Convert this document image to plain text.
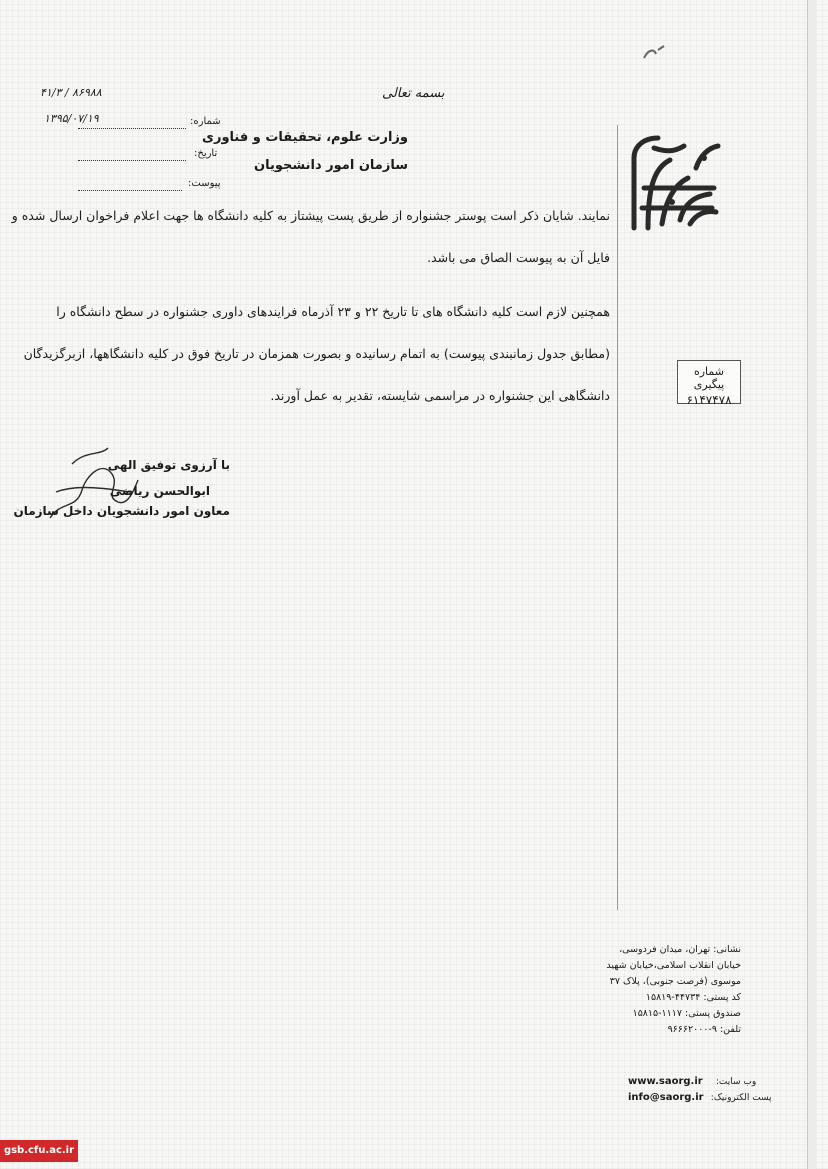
۴۱/۳ / ۸۶۹۸۸
شماره:
۱۳۹۵/۰۷/۱۹
تاریخ:
پیوست:
بسمه تعالی
وزارت علوم، تحقیقات و فناوری
سازمان امور دانشجویان
شماره پیگیری
۶۱۴۷۴۷۸
نمایند. شایان ذکر است پوستر جشنواره از طریق پست پیشتاز به کلیه دانشگاه ها جهت اعلام فراخوان ارسال شده و
فایل آن به پیوست الصاق می باشد.
همچنین لازم است کلیه دانشگاه های تا تاریخ ۲۲ و ۲۳ آذرماه فرایندهای داوری جشنواره در سطح دانشگاه را
(مطابق جدول زمانبندی پیوست) به اتمام رسانیده و بصورت همزمان در تاریخ فوق در کلیه دانشگاهها، ازبرگزیدگان
دانشگاهی این جشنواره در مراسمی شایسته، تقدیر به عمل آورند.
با آرزوی توفیق الهی
ابوالحسن ریاضی
معاون امور دانشجویان داخل سازمان
نشانی: تهران، میدان فردوسی،
خیابان انقلاب اسلامی،خیابان شهید
موسوی (فرصت جنوبی)، پلاک ۳۷
کد پستی: ۴۴۷۳۴-۱۵۸۱۹
صندوق پستی: ۱۱۱۷-۱۵۸۱۵
تلفن: ۹-۹۶۶۶۲۰۰۰
www.saorg.ir وب سایت:
info@saorg.ir پست الکترونیک:
gsb.cfu.ac.ir
